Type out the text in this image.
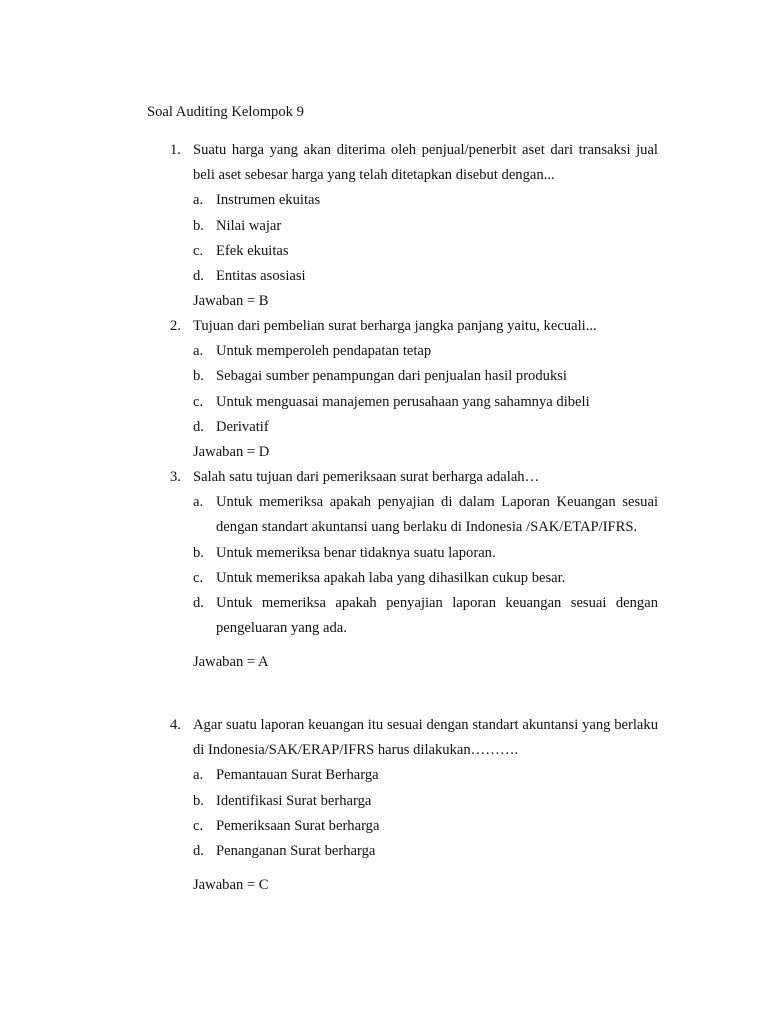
Soal Auditing Kelompok 9
1. Suatu harga yang akan diterima oleh penjual/penerbit aset dari transaksi jual beli aset sebesar harga yang telah ditetapkan disebut dengan...
a. Instrumen ekuitas
b. Nilai wajar
c. Efek ekuitas
d. Entitas asosiasi
Jawaban = B
2. Tujuan dari pembelian surat berharga jangka panjang yaitu, kecuali...
a. Untuk memperoleh pendapatan tetap
b. Sebagai sumber penampungan dari penjualan hasil produksi
c. Untuk menguasai manajemen perusahaan yang sahamnya dibeli
d. Derivatif
Jawaban = D
3. Salah satu tujuan dari pemeriksaan surat berharga adalah…
a. Untuk memeriksa apakah penyajian di dalam Laporan Keuangan sesuai dengan standart akuntansi uang berlaku di Indonesia /SAK/ETAP/IFRS.
b. Untuk memeriksa benar tidaknya suatu laporan.
c. Untuk memeriksa apakah laba yang dihasilkan cukup besar.
d. Untuk memeriksa apakah penyajian laporan keuangan sesuai dengan pengeluaran yang ada.
Jawaban = A
4. Agar suatu laporan keuangan itu sesuai dengan standart akuntansi yang berlaku di Indonesia/SAK/ERAP/IFRS harus dilakukan……….
a. Pemantauan Surat Berharga
b. Identifikasi Surat berharga
c. Pemeriksaan Surat berharga
d. Penanganan Surat berharga
Jawaban = C
